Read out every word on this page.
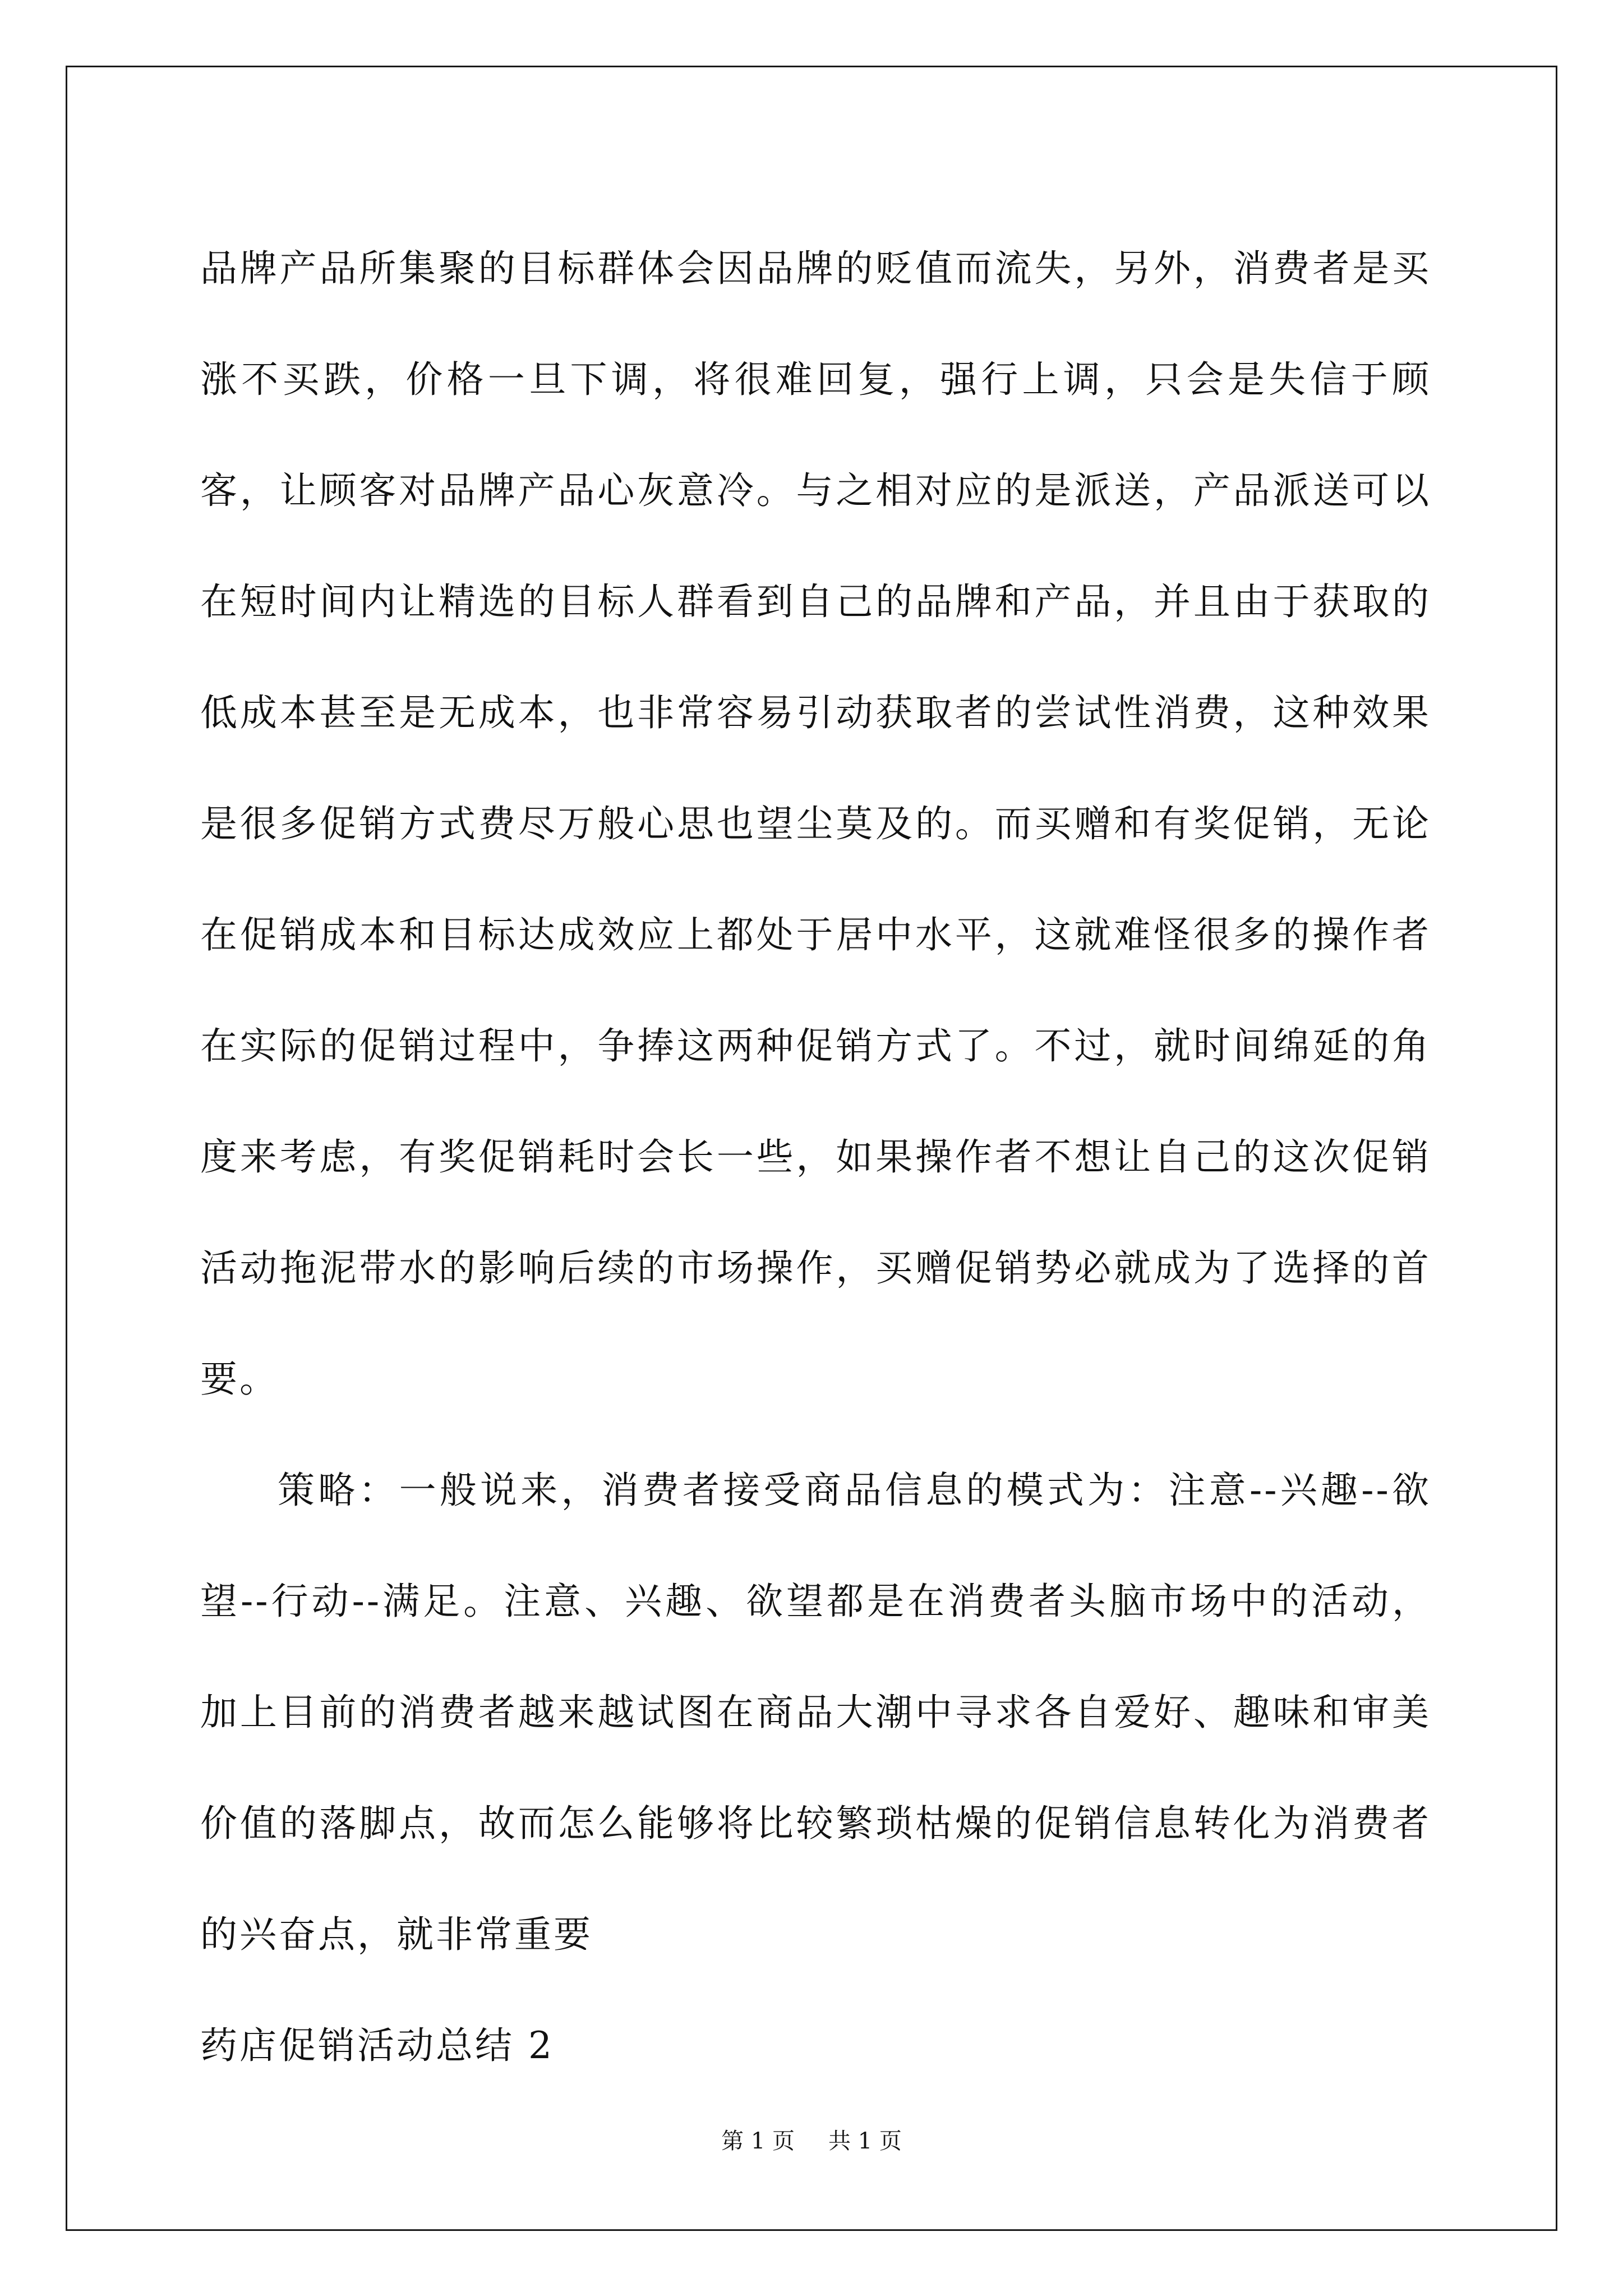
品牌产品所集聚的目标群体会因品牌的贬值而流失，另外，消费者是买涨不买跌，价格一旦下调，将很难回复，强行上调，只会是失信于顾客，让顾客对品牌产品心灰意冷。与之相对应的是派送，产品派送可以在短时间内让精选的目标人群看到自己的品牌和产品，并且由于获取的低成本甚至是无成本，也非常容易引动获取者的尝试性消费，这种效果是很多促销方式费尽万般心思也望尘莫及的。而买赠和有奖促销，无论在促销成本和目标达成效应上都处于居中水平，这就难怪很多的操作者在实际的促销过程中，争捧这两种促销方式了。不过，就时间绵延的角度来考虑，有奖促销耗时会长一些，如果操作者不想让自己的这次促销活动拖泥带水的影响后续的市场操作，买赠促销势必就成为了选择的首要。

策略：一般说来，消费者接受商品信息的模式为：注意--兴趣--欲望--行动--满足。注意、兴趣、欲望都是在消费者头脑市场中的活动，加上目前的消费者越来越试图在商品大潮中寻求各自爱好、趣味和审美价值的落脚点，故而怎么能够将比较繁琐枯燥的促销信息转化为消费者的兴奋点，就非常重要

药店促销活动总结 2

第 1 页 共 1 页
